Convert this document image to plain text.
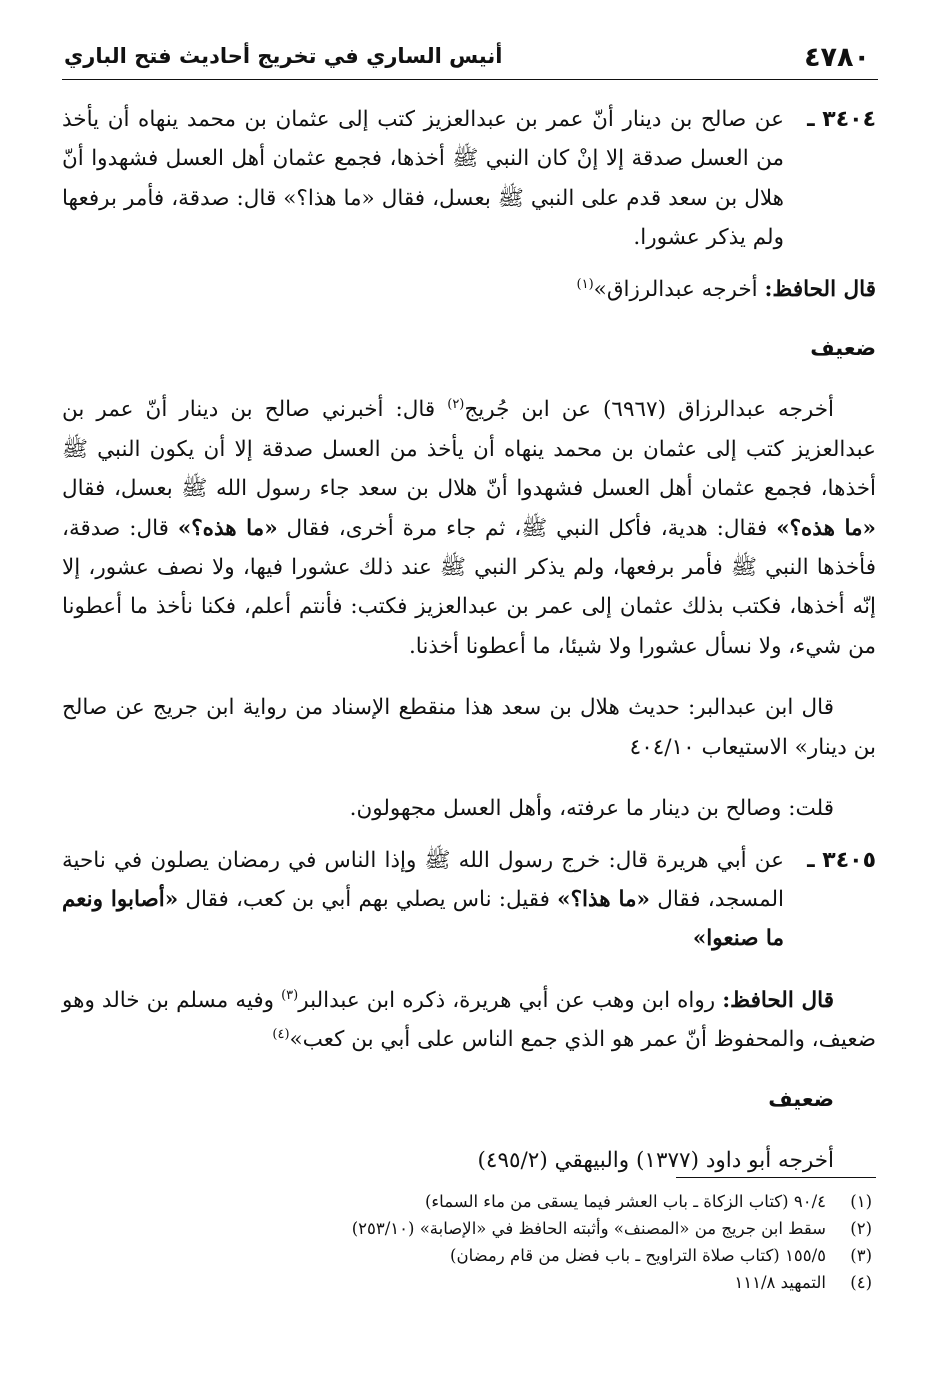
٤٧٨٠
أنيس الساري في تخريج أحاديث فتح الباري

٣٤٠٤ ـ
عن صالح بن دينار أنّ عمر بن عبدالعزيز كتب إلى عثمان بن محمد ينهاه أن يأخذ من العسل صدقة إلا إنْ كان النبي ﷺ أخذها، فجمع عثمان أهل العسل فشهدوا أنّ هلال بن سعد قدم على النبي ﷺ بعسل، فقال «ما هذا؟» قال: صدقة، فأمر برفعها ولم يذكر عشورا.

قال الحافظ: أخرجه عبدالرزاق»$^{(١)}$

ضعيف

أخرجه عبدالرزاق (٦٩٦٧) عن ابن جُريج$^{(٢)}$ قال: أخبرني صالح بن دينار أنّ عمر بن عبدالعزيز كتب إلى عثمان بن محمد ينهاه أن يأخذ من العسل صدقة إلا أن يكون النبي ﷺ أخذها، فجمع عثمان أهل العسل فشهدوا أنّ هلال بن سعد جاء رسول الله ﷺ بعسل، فقال «ما هذه؟» فقال: هدية، فأكل النبي ﷺ، ثم جاء مرة أخرى، فقال «ما هذه؟» قال: صدقة، فأخذها النبي ﷺ فأمر برفعها، ولم يذكر النبي ﷺ عند ذلك عشورا فيها، ولا نصف عشور، إلا إنّه أخذها، فكتب بذلك عثمان إلى عمر بن عبدالعزيز فكتب: فأنتم أعلم، فكنا نأخذ ما أعطونا من شيء، ولا نسأل عشورا ولا شيئا، ما أعطونا أخذنا.

قال ابن عبدالبر: حديث هلال بن سعد هذا منقطع الإسناد من رواية ابن جريج عن صالح بن دينار» الاستيعاب ٤٠٤/١٠

قلت: وصالح بن دينار ما عرفته، وأهل العسل مجهولون.

٣٤٠٥ ـ
عن أبي هريرة قال: خرج رسول الله ﷺ وإذا الناس في رمضان يصلون في ناحية المسجد، فقال «ما هذا؟» فقيل: ناس يصلي بهم أبي بن كعب، فقال «أصابوا ونعم ما صنعوا»

قال الحافظ: رواه ابن وهب عن أبي هريرة، ذكره ابن عبدالبر$^{(٣)}$ وفيه مسلم بن خالد وهو ضعيف، والمحفوظ أنّ عمر هو الذي جمع الناس على أبي بن كعب»$^{(٤)}$

ضعيف

أخرجه أبو داود (١٣٧٧) والبيهقي (٤٩٥/٢)

(١)
٩٠/٤ (كتاب الزكاة ـ باب العشر فيما يسقى من ماء السماء)

(٢)
سقط ابن جريج من «المصنف» وأثبته الحافظ في «الإصابة» (٢٥٣/١٠)

(٣)
١٥٥/٥ (كتاب صلاة التراويح ـ باب فضل من قام رمضان)

(٤)
التمهيد ١١١/٨
